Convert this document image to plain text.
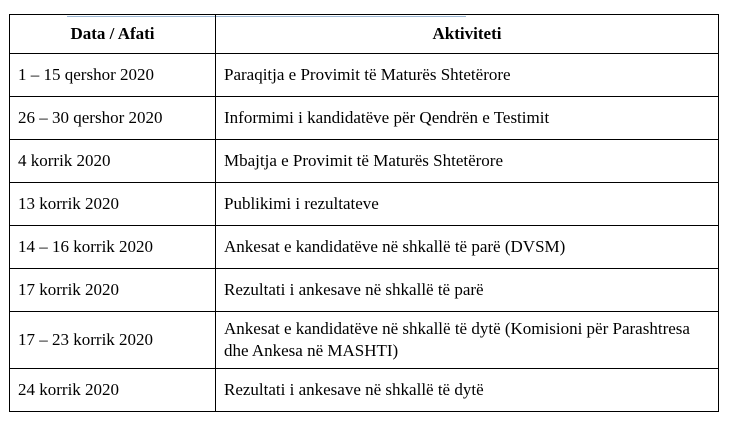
Data / Afati	Aktiviteti
1 – 15 qershor 2020	Paraqitja e Provimit të Maturës Shtetërore
26 – 30 qershor 2020	Informimi i kandidatëve për Qendrën e Testimit
4 korrik 2020	Mbajtja e Provimit të Maturës Shtetërore
13 korrik 2020	Publikimi i rezultateve
14 – 16 korrik 2020	Ankesat e kandidatëve në shkallë të parë (DVSM)
17 korrik 2020	Rezultati i ankesave në shkallë të parë
17 – 23 korrik 2020	Ankesat e kandidatëve në shkallë të dytë (Komisioni për Parashtresa dhe Ankesa në MASHTI)
24 korrik 2020	Rezultati i ankesave në shkallë të dytë
